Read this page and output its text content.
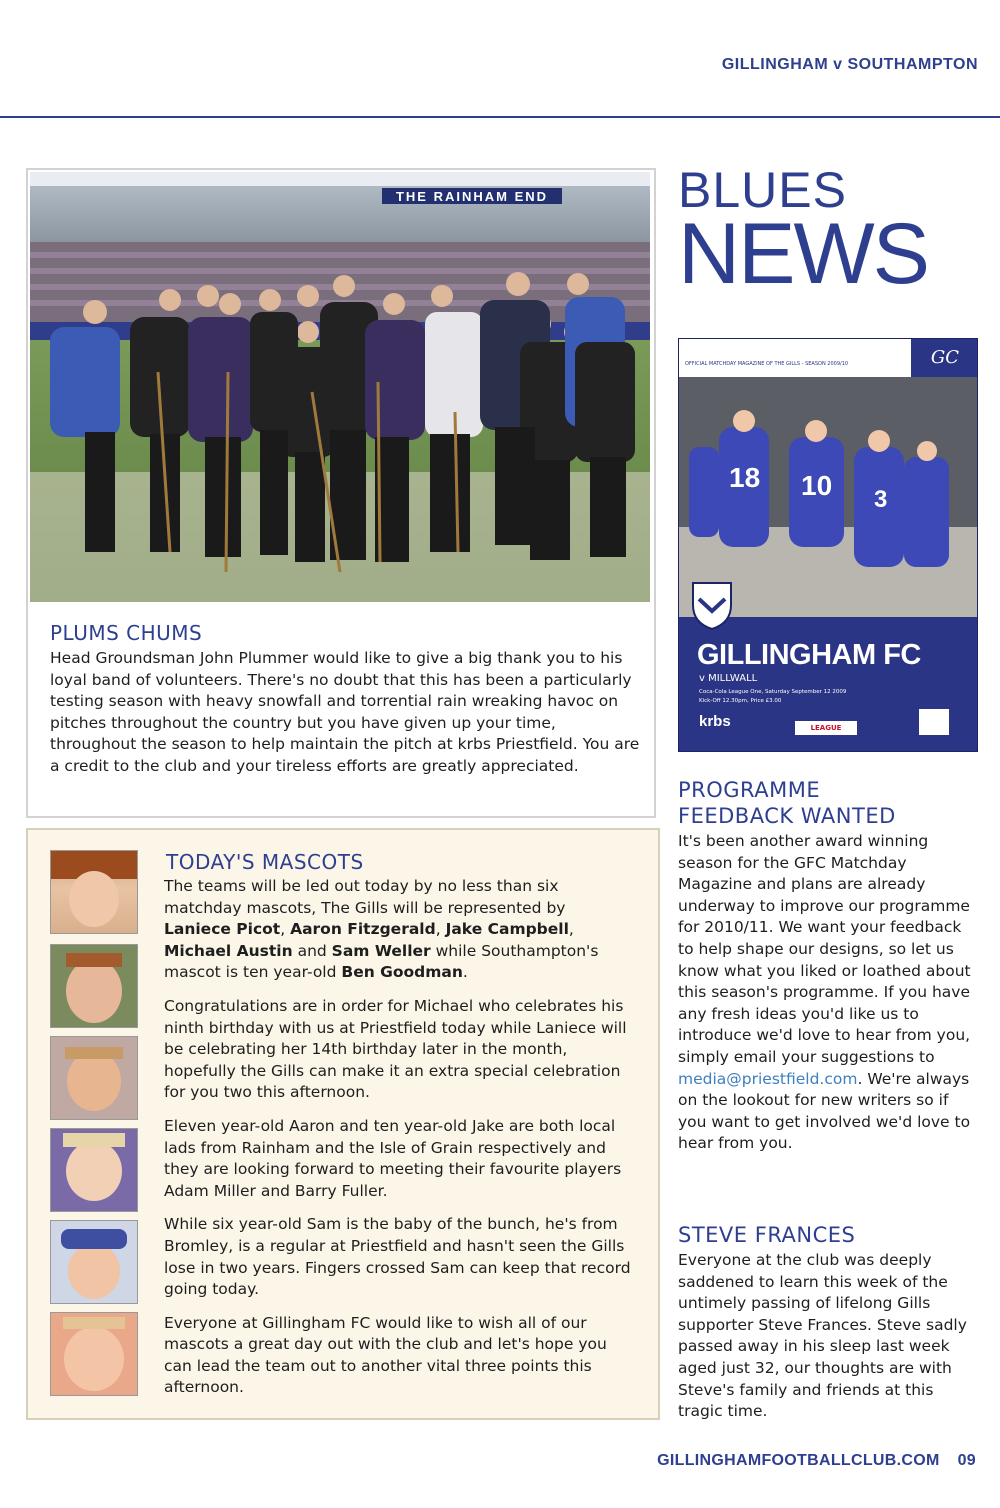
GILLINGHAM v SOUTHAMPTON
THE RAINHAM END
PLUMS CHUMS
Head Groundsman John Plummer would like to give a big thank you to his loyal band of volunteers. There's no doubt that this has been a particularly testing season with heavy snowfall and torrential rain wreaking havoc on pitches throughout the country but you have given up your time, throughout the season to help maintain the pitch at krbs Priestfield. You are a credit to the club and your tireless efforts are greatly appreciated.
TODAY'S MASCOTS

The teams will be led out today by no less than six matchday mascots, The Gills will be represented by Laniece Picot, Aaron Fitzgerald, Jake Campbell, Michael Austin and Sam Weller while Southampton's mascot is ten year-old Ben Goodman.

Congratulations are in order for Michael who celebrates his ninth birthday with us at Priestfield today while Laniece will be celebrating her 14th birthday later in the month, hopefully the Gills can make it an extra special celebration for you two this afternoon.

Eleven year-old Aaron and ten year-old Jake are both local lads from Rainham and the Isle of Grain respectively and they are looking forward to meeting their favourite players Adam Miller and Barry Fuller.

While six year-old Sam is the baby of the bunch, he's from Bromley, is a regular at Priestfield and hasn't seen the Gills lose in two years. Fingers crossed Sam can keep that record going today.

Everyone at Gillingham FC would like to wish all of our mascots a great day out with the club and let's hope you can lead the team out to another vital three points this afternoon.

BLUES
NEWS
OFFICIAL MATCHDAY MAGAZINE OF THE GILLS - SEASON 2009/10	GC
18 10 3
GILLINGHAM FC
v MILLWALL
Coca-Cola League One, Saturday September 12 2009
Kick-Off 12.30pm, Price £3.00
krbs	LEAGUE
PROGRAMME
FEEDBACK WANTED
It's been another award winning season for the GFC Matchday Magazine and plans are already underway to improve our programme for 2010/11. We want your feedback to help shape our designs, so let us know what you liked or loathed about this season's programme. If you have any fresh ideas you'd like us to introduce we'd love to hear from you, simply email your suggestions to media@priestfield.com. We're always on the lookout for new writers so if you want to get involved we'd love to hear from you.
STEVE FRANCES
Everyone at the club was deeply saddened to learn this week of the untimely passing of lifelong Gills supporter Steve Frances. Steve sadly passed away in his sleep last week aged just 32, our thoughts are with Steve's family and friends at this tragic time.
GILLINGHAMFOOTBALLCLUB.COM 09
